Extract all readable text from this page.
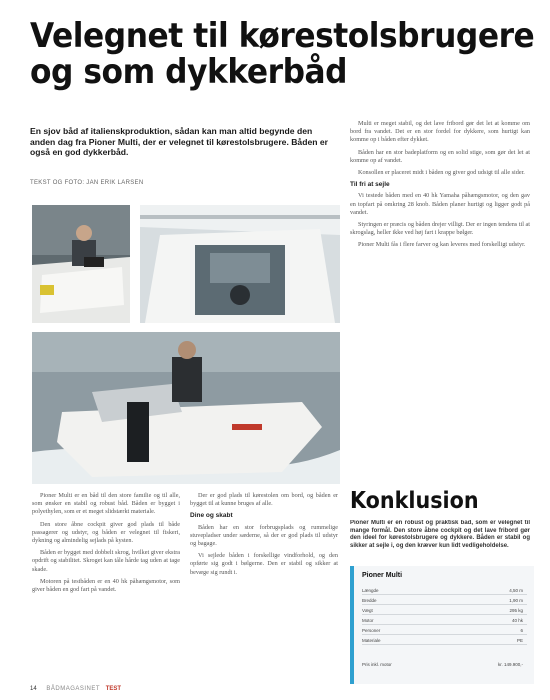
Velegnet til kørestolsbrugere
og som dykkerbåd
En sjov båd af italienskproduktion, sådan kan man altid begynde den anden dag fra Pioner Multi, der er velegnet til kørestolsbrugere. Båden er også en god dykkerbåd.
TEKST OG FOTO: JAN ERIK LARSEN

Pioner Multi er en båd til den store familie og til alle, som ønsker en stabil og robust båd. Båden er bygget i polyethylen, som er et meget slidstærkt materiale.

Den store åbne cockpit giver god plads til både passagerer og udstyr, og båden er velegnet til fiskeri, dykning og almindelig sejlads på kysten.

Båden er bygget med dobbelt skrog, hvilket giver ekstra opdrift og stabilitet. Skroget kan tåle hårde tag uden at tage skade.

Motoren på testbåden er en 40 hk påhængsmotor, som giver båden en god fart på vandet.

Der er god plads til kørestolen om bord, og båden er bygget til at kunne bruges af alle.

Dine og skabt

Båden har en stor forbrugsplads og rummelige stuvepladser under sæderne, så der er god plads til udstyr og bagage.

Vi sejlede båden i forskellige vindforhold, og den opførte sig godt i bølgerne. Den er stabil og sikker at bevæge sig rundt i.

Multi er meget stabil, og det lave fribord gør det let at komme om bord fra vandet. Det er en stor fordel for dykkere, som hurtigt kan komme op i båden efter dykket.

Båden har en stor badeplatform og en solid stige, som gør det let at komme op af vandet.

Konsollen er placeret midt i båden og giver god udsigt til alle sider.

Til fri at sejle

Vi testede båden med en 40 hk Yamaha påhængsmotor, og den gav en topfart på omkring 28 knob. Båden planer hurtigt og ligger godt på vandet.

Styringen er præcis og båden drejer villigt. Der er ingen tendens til at skrogslag, heller ikke ved høj fart i krappe bølger.

Pioner Multi fås i flere farver og kan leveres med forskelligt udstyr.

Konklusion
Pioner Multi er en robust og praktisk båd, som er velegnet til mange formål. Den store åbne cockpit og det lave fribord gør den ideel for kørestolsbrugere og dykkere. Båden er stabil og sikker at sejle i, og den kræver kun lidt vedligeholdelse.
Pioner Multi
Længde	4,50 m
Bredde	1,90 m
Vægt	295 kg
Motor	40 hk
Personer	6
Materiale	PE
Pris inkl. motor	kr. 149.900,-
14 BÅDMAGASINET TEST
